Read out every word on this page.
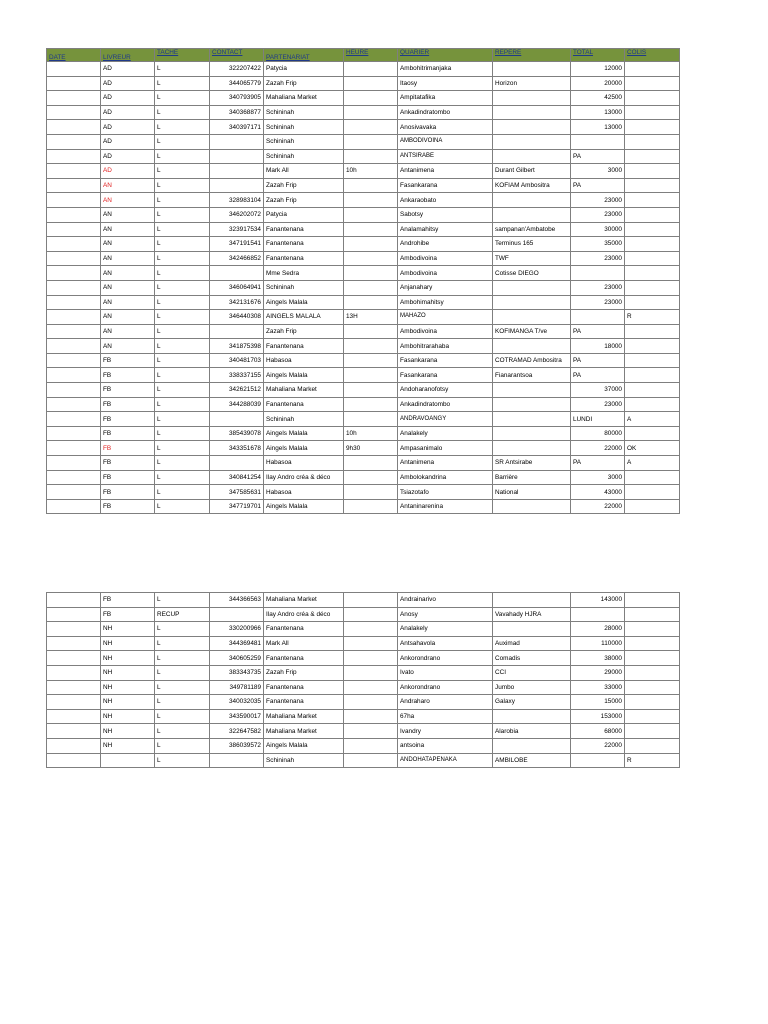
DATE	LIVREUR	TACHE	CONTACT	PARTENARIAT	HEURE	QUARIER	REPERE	TOTAL	COLIS
	AD	L	322207422	Patycia		Ambohitrimanjaka		12000	
	AD	L	344065779	Zazah Frip		Itaosy	Horizon	20000	
	AD	L	340793905	Mahaliana Market		Ampitatafika		42500	
	AD	L	340368877	Schininah		Ankadindratombo		13000	
	AD	L	340397171	Schininah		Anosivavaka		13000	
	AD	L		Schininah		AMBODIVOINA			
	AD	L		Schininah		ANTSIRABE		PA	
	AD	L		Mark All	10h	Antanimena	Durant Gilbert	3000	
	AN	L		Zazah Frip		Fasankarana	KOFIAM Ambositra	PA	
	AN	L	328983104	Zazah Frip		Ankaraobato		23000	
	AN	L	346202072	Patycia		Sabotsy		23000	
	AN	L	323917534	Fanantenana		Analamahitsy	sampanan'Ambatobe	30000	
	AN	L	347191541	Fanantenana		Androhibe	Terminus 165	35000	
	AN	L	342466852	Fanantenana		Ambodivoina	TWF	23000	
	AN	L		Mme Sedra		Ambodivoina	Cotisse DIEGO		
	AN	L	346064941	Schininah		Anjanahary		23000	
	AN	L	342131676	Aingels Malala		Ambohimahitsy		23000	
	AN	L	346440308	AINGELS MALALA	13H	MAHAZO			R
	AN	L		Zazah Frip		Ambodivoina	KOFIMANGA T/ve	PA	
	AN	L	341875398	Fanantenana		Ambohitrarahaba		18000	
	FB	L	340481703	Habasoa		Fasankarana	COTRAMAD Ambositra	PA	
	FB	L	338337155	Aingels Malala		Fasankarana	Fianarantsoa	PA	
	FB	L	342621512	Mahaliana Market		Andoharanofotsy		37000	
	FB	L	344288039	Fanantenana		Ankadindratombo		23000	
	FB	L		Schininah		ANDRAVOANGY		LUNDI	A
	FB	L	385439078	Aingels Malala	10h	Analakely		80000	
	FB	L	343351678	Aingels Malala	9h30	Ampasanimalo		22000	OK
	FB	L		Habasoa		Antanimena	SR Antsirabe	PA	A
	FB	L	340841254	Ilay Andro créa & déco		Ambolokandrina	Barrière	3000	
	FB	L	347585631	Habasoa		Tsiazotafo	National	43000	
	FB	L	347719701	Aingels Malala		Antaninarenina		22000	
	FB	L	344366563	Mahaliana Market		Andrainarivo		143000	
	FB	RECUP		Ilay Andro créa & déco		Anosy	Vavahady HJRA		
	NH	L	330200966	Fanantenana		Analakely		28000	
	NH	L	344369481	Mark All		Antsahavola	Auximad	110000	
	NH	L	340605259	Fanantenana		Ankorondrano	Comadis	38000	
	NH	L	383343735	Zazah Frip		Ivato	CCI	29000	
	NH	L	349781189	Fanantenana		Ankorondrano	Jumbo	33000	
	NH	L	340032035	Fanantenana		Andraharo	Galaxy	15000	
	NH	L	343590017	Mahaliana Market		67ha		153000	
	NH	L	322647582	Mahaliana Market		Ivandry	Alarobia	68000	
	NH	L	386039572	Aingels Malala		antsoina		22000	
		L		Schininah		ANDOHATAPENAKA	AMBILOBE		R
